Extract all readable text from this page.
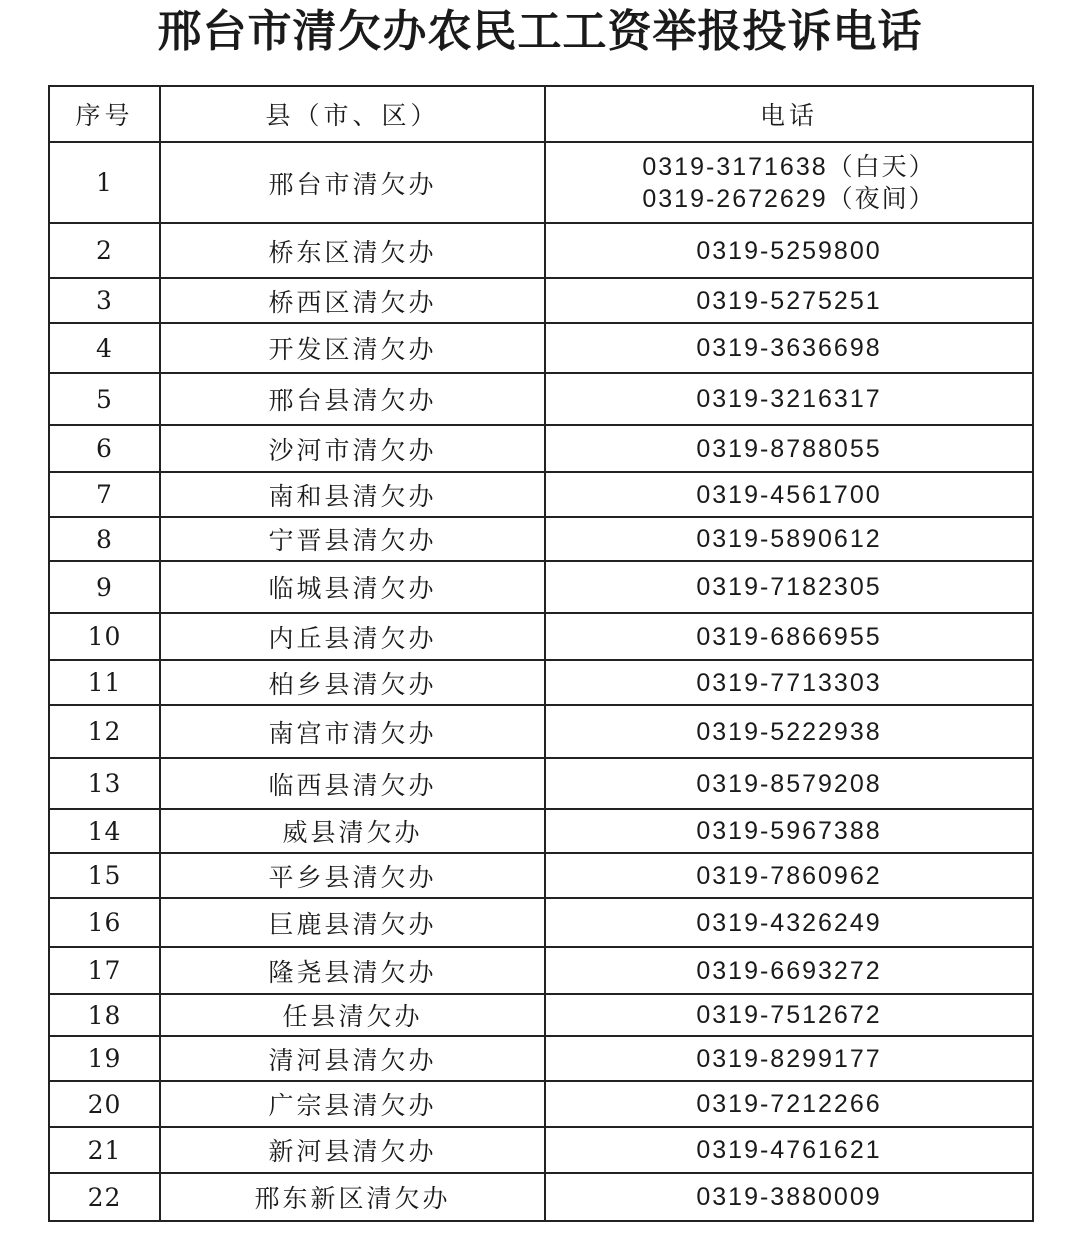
邢台市清欠办农民工工资举报投诉电话
序号	县（市、区）	电话
1	邢台市清欠办	0319-3171638（白天）
0319-2672629（夜间）

2	桥东区清欠办	0319-5259800

3	桥西区清欠办	0319-5275251

4	开发区清欠办	0319-3636698

5	邢台县清欠办	0319-3216317

6	沙河市清欠办	0319-8788055

7	南和县清欠办	0319-4561700

8	宁晋县清欠办	0319-5890612

9	临城县清欠办	0319-7182305

10	内丘县清欠办	0319-6866955

11	柏乡县清欠办	0319-7713303

12	南宫市清欠办	0319-5222938

13	临西县清欠办	0319-8579208

14	威县清欠办	0319-5967388

15	平乡县清欠办	0319-7860962

16	巨鹿县清欠办	0319-4326249

17	隆尧县清欠办	0319-6693272

18	任县清欠办	0319-7512672

19	清河县清欠办	0319-8299177

20	广宗县清欠办	0319-7212266

21	新河县清欠办	0319-4761621

22	邢东新区清欠办	0319-3880009
